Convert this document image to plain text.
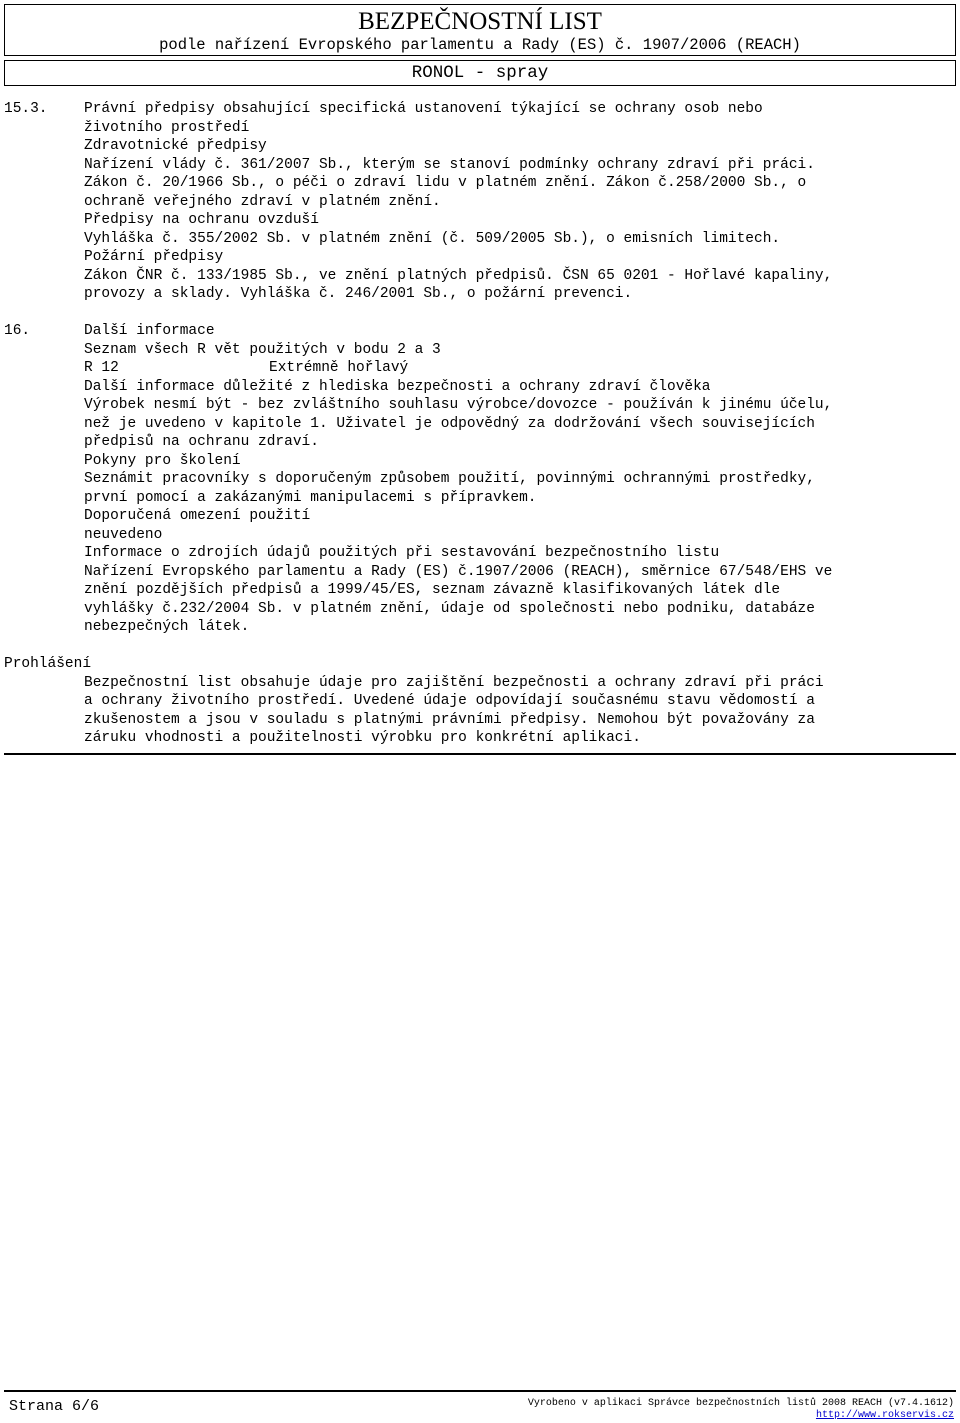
BEZPEČNOSTNÍ LIST
podle nařízení Evropského parlamentu a Rady (ES) č. 1907/2006 (REACH)
RONOL - spray
15.3.	Právní předpisy obsahující specifická ustanovení týkající se ochrany osob nebo
životního prostředí
Zdravotnické předpisy
Nařízení vlády č. 361/2007 Sb., kterým se stanoví podmínky ochrany zdraví při práci.
Zákon č. 20/1966 Sb., o péči o zdraví lidu v platném znění. Zákon č.258/2000 Sb., o
ochraně veřejného zdraví v platném znění.
Předpisy na ochranu ovzduší
Vyhláška č. 355/2002 Sb. v platném znění (č. 509/2005 Sb.), o emisních limitech.
Požární předpisy
Zákon ČNR č. 133/1985 Sb., ve znění platných předpisů. ČSN 65 0201 - Hořlavé kapaliny,
provozy a sklady. Vyhláška č. 246/2001 Sb., o požární prevenci.
16.	Další informace
Seznam všech R vět použitých v bodu 2 a 3
R 12	Extrémně hořlavý
Další informace důležité z hlediska bezpečnosti a ochrany zdraví člověka
Výrobek nesmí být - bez zvláštního souhlasu výrobce/dovozce - používán k jinému účelu,
než je uvedeno v kapitole 1. Uživatel je odpovědný za dodržování všech souvisejících
předpisů na ochranu zdraví.
Pokyny pro školení
Seznámit pracovníky s doporučeným způsobem použití, povinnými ochrannými prostředky,
první pomocí a zakázanými manipulacemi s přípravkem.
Doporučená omezení použití
neuvedeno
Informace o zdrojích údajů použitých při sestavování bezpečnostního listu
Nařízení Evropského parlamentu a Rady (ES) č.1907/2006 (REACH), směrnice 67/548/EHS ve
znění pozdějších předpisů a 1999/45/ES, seznam závazně klasifikovaných látek dle
vyhlášky č.232/2004 Sb. v platném znění, údaje od společnosti nebo podniku, databáze
nebezpečných látek.
Prohlášení
Bezpečnostní list obsahuje údaje pro zajištění bezpečnosti a ochrany zdraví při práci
a ochrany životního prostředí. Uvedené údaje odpovídají současnému stavu vědomostí a
zkušenostem a jsou v souladu s platnými právními předpisy. Nemohou být považovány za
záruku vhodnosti a použitelnosti výrobku pro konkrétní aplikaci.
Strana 6/6	Vyrobeno v aplikaci Správce bezpečnostních listů 2008 REACH (v7.4.1612)
http://www.rokservis.cz
